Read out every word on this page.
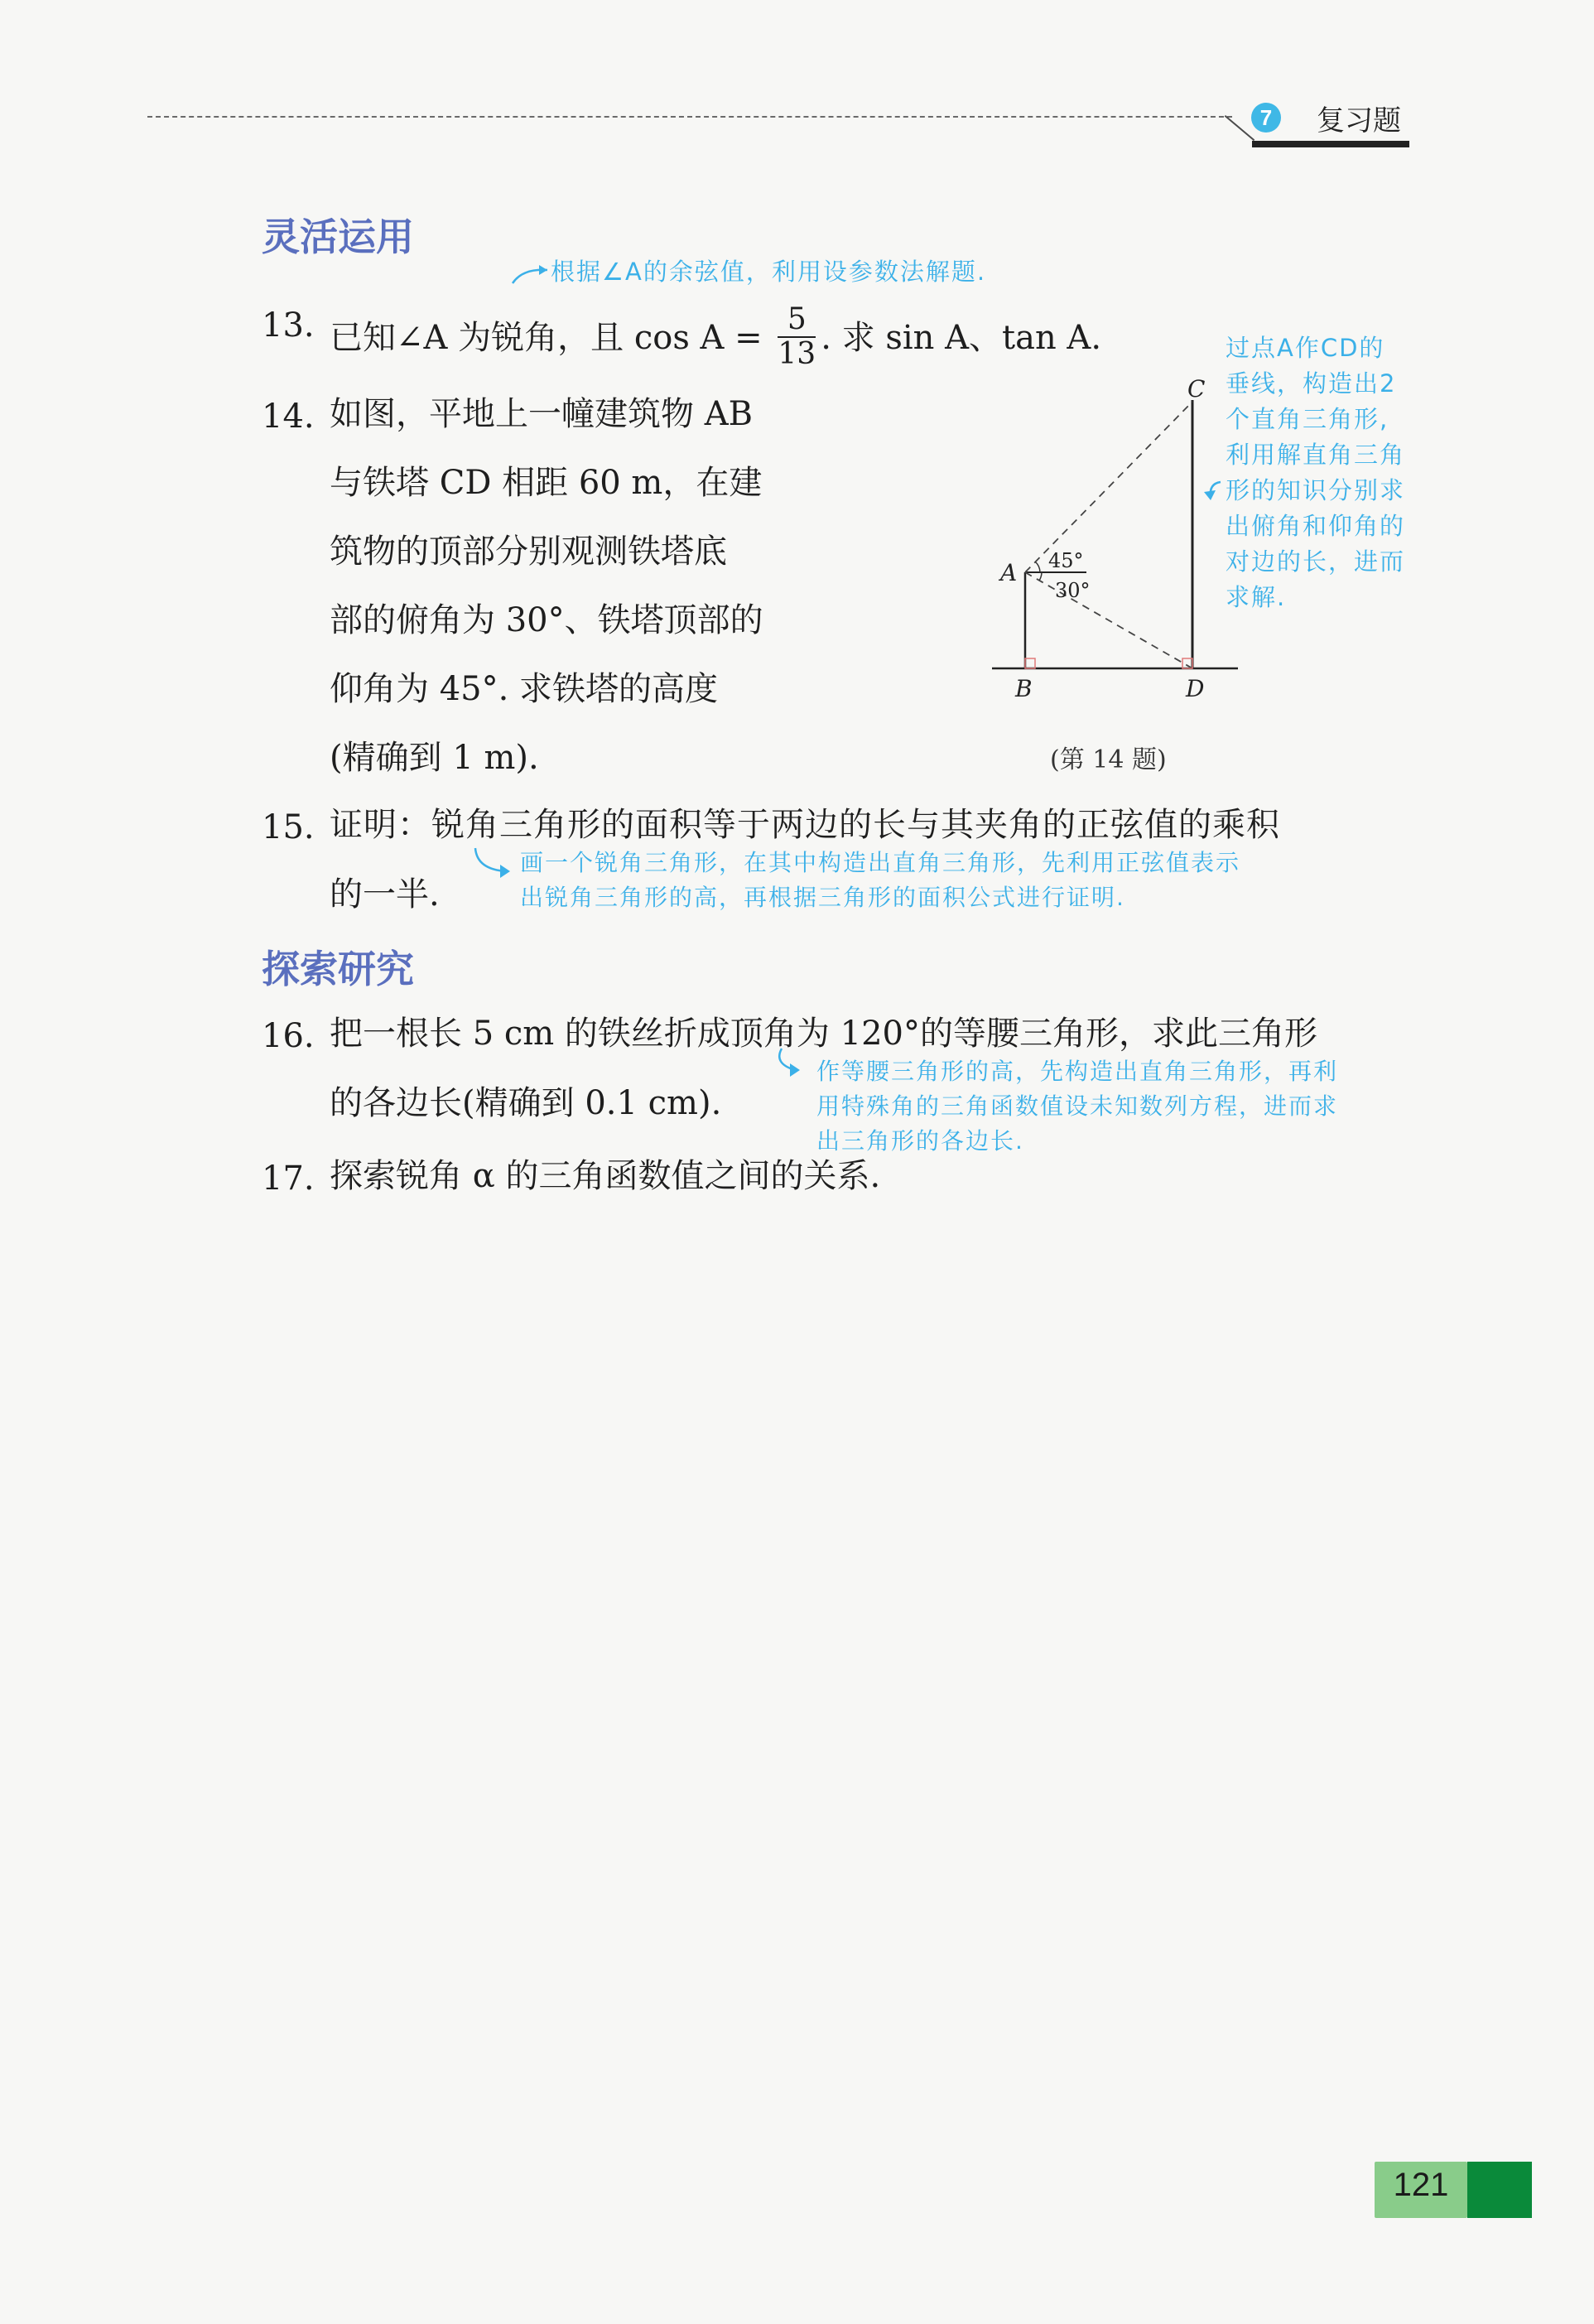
7	复习题
灵活运用
根据∠A的余弦值，利用设参数法解题.
13. 已知∠A 为锐角，且 $\cos A = \frac{5}{13}$ . 求 sin A、tan A.
14. 如图，平地上一幢建筑物 AB
与铁塔 CD 相距 60 m，在建
筑物的顶部分别观测铁塔底
部的俯角为 30°、铁塔顶部的
仰角为 45°. 求铁塔的高度
(精确到 1 m).
A
B
C
D
45°
30°
(第 14 题)
过点A作CD的
垂线，构造出2
个直角三角形,
利用解直角三角
形的知识分别求
出俯角和仰角的
对边的长，进而
求解.
15. 证明：锐角三角形的面积等于两边的长与其夹角的正弦值的乘积
的一半.
画一个锐角三角形，在其中构造出直角三角形，先利用正弦值表示
出锐角三角形的高，再根据三角形的面积公式进行证明.
探索研究
16. 把一根长 5 cm 的铁丝折成顶角为 120°的等腰三角形，求此三角形
的各边长(精确到 0.1 cm).
作等腰三角形的高，先构造出直角三角形，再利
用特殊角的三角函数值设未知数列方程，进而求
出三角形的各边长.
17. 探索锐角 α 的三角函数值之间的关系.
121
